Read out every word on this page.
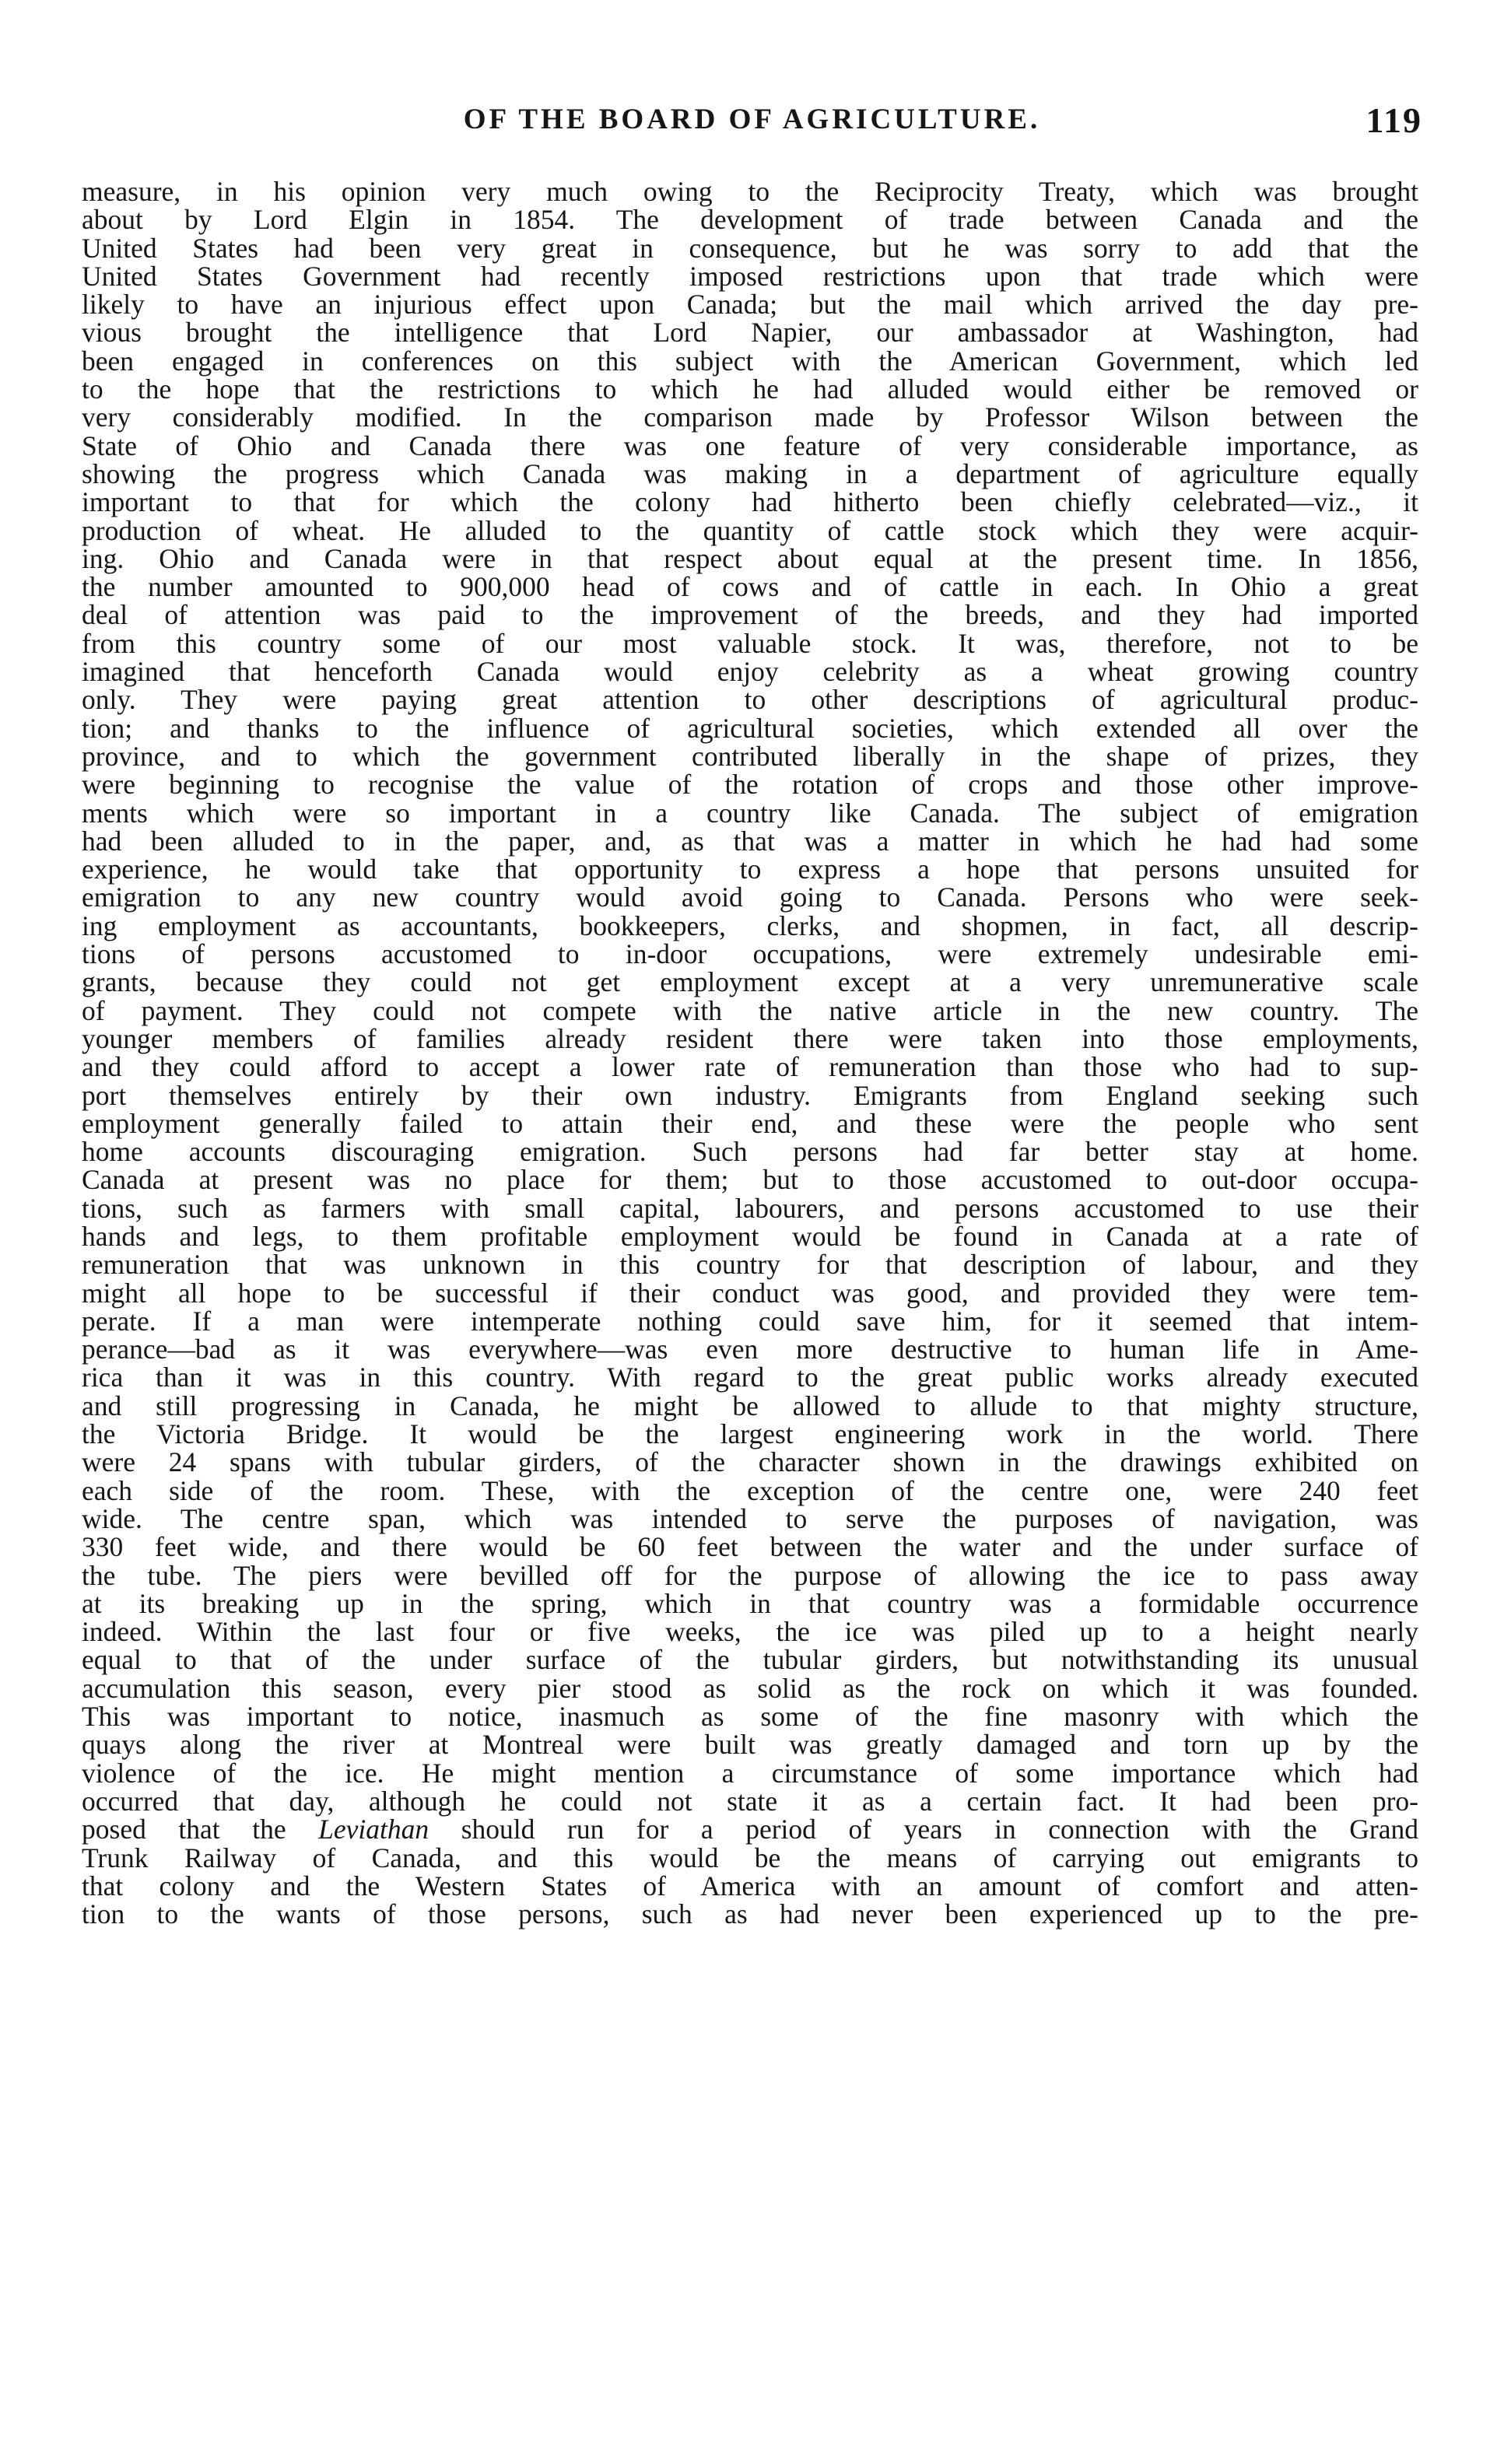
OF THE BOARD OF AGRICULTURE.	119
measure, in his opinion very much owing to the Reciprocity Treaty, which was brought
about by Lord Elgin in 1854. The development of trade between Canada and the
United States had been very great in consequence, but he was sorry to add that the
United States Government had recently imposed restrictions upon that trade which were
likely to have an injurious effect upon Canada; but the mail which arrived the day pre-
vious brought the intelligence that Lord Napier, our ambassador at Washington, had
been engaged in conferences on this subject with the American Government, which led
to the hope that the restrictions to which he had alluded would either be removed or
very considerably modified. In the comparison made by Professor Wilson between the
State of Ohio and Canada there was one feature of very considerable importance, as
showing the progress which Canada was making in a department of agriculture equally
important to that for which the colony had hitherto been chiefly celebrated—viz., it
production of wheat. He alluded to the quantity of cattle stock which they were acquir-
ing. Ohio and Canada were in that respect about equal at the present time. In 1856,
the number amounted to 900,000 head of cows and of cattle in each. In Ohio a great
deal of attention was paid to the improvement of the breeds, and they had imported
from this country some of our most valuable stock. It was, therefore, not to be
imagined that henceforth Canada would enjoy celebrity as a wheat growing country
only. They were paying great attention to other descriptions of agricultural produc-
tion; and thanks to the influence of agricultural societies, which extended all over the
province, and to which the government contributed liberally in the shape of prizes, they
were beginning to recognise the value of the rotation of crops and those other improve-
ments which were so important in a country like Canada. The subject of emigration
had been alluded to in the paper, and, as that was a matter in which he had had some
experience, he would take that opportunity to express a hope that persons unsuited for
emigration to any new country would avoid going to Canada. Persons who were seek-
ing employment as accountants, bookkeepers, clerks, and shopmen, in fact, all descrip-
tions of persons accustomed to in-door occupations, were extremely undesirable emi-
grants, because they could not get employment except at a very unremunerative scale
of payment. They could not compete with the native article in the new country. The
younger members of families already resident there were taken into those employments,
and they could afford to accept a lower rate of remuneration than those who had to sup-
port themselves entirely by their own industry. Emigrants from England seeking such
employment generally failed to attain their end, and these were the people who sent
home accounts discouraging emigration. Such persons had far better stay at home.
Canada at present was no place for them; but to those accustomed to out-door occupa-
tions, such as farmers with small capital, labourers, and persons accustomed to use their
hands and legs, to them profitable employment would be found in Canada at a rate of
remuneration that was unknown in this country for that description of labour, and they
might all hope to be successful if their conduct was good, and provided they were tem-
perate. If a man were intemperate nothing could save him, for it seemed that intem-
perance—bad as it was everywhere—was even more destructive to human life in Ame-
rica than it was in this country. With regard to the great public works already executed
and still progressing in Canada, he might be allowed to allude to that mighty structure,
the Victoria Bridge. It would be the largest engineering work in the world. There
were 24 spans with tubular girders, of the character shown in the drawings exhibited on
each side of the room. These, with the exception of the centre one, were 240 feet
wide. The centre span, which was intended to serve the purposes of navigation, was
330 feet wide, and there would be 60 feet between the water and the under surface of
the tube. The piers were bevilled off for the purpose of allowing the ice to pass away
at its breaking up in the spring, which in that country was a formidable occurrence
indeed. Within the last four or five weeks, the ice was piled up to a height nearly
equal to that of the under surface of the tubular girders, but notwithstanding its unusual
accumulation this season, every pier stood as solid as the rock on which it was founded.
This was important to notice, inasmuch as some of the fine masonry with which the
quays along the river at Montreal were built was greatly damaged and torn up by the
violence of the ice. He might mention a circumstance of some importance which had
occurred that day, although he could not state it as a certain fact. It had been pro-
posed that the Leviathan should run for a period of years in connection with the Grand
Trunk Railway of Canada, and this would be the means of carrying out emigrants to
that colony and the Western States of America with an amount of comfort and atten-
tion to the wants of those persons, such as had never been experienced up to the pre-
